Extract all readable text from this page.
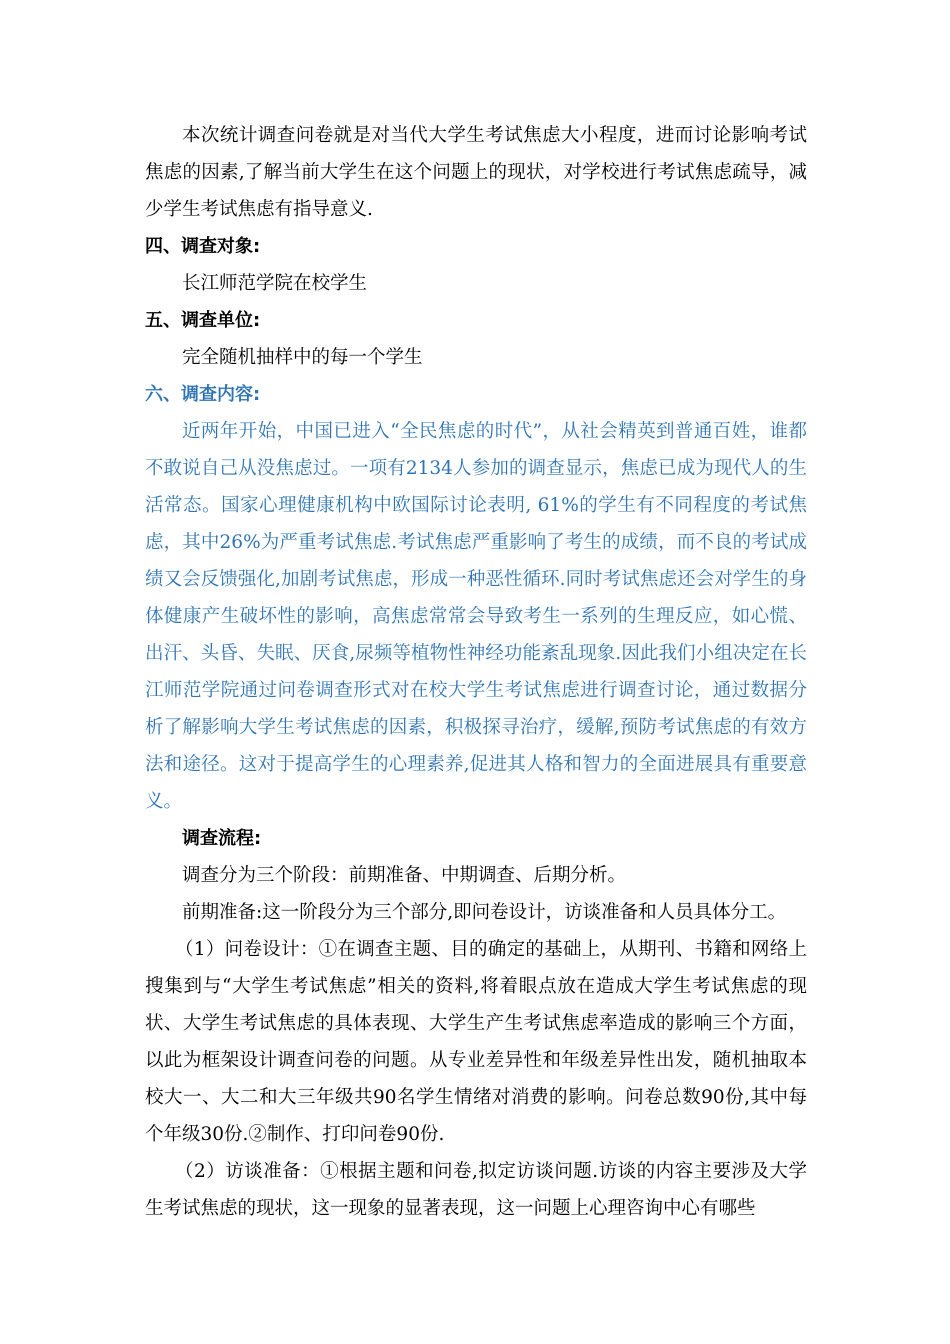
本次统计调查问卷就是对当代大学生考试焦虑大小程度，进而讨论影响考试焦虑的因素,了解当前大学生在这个问题上的现状，对学校进行考试焦虑疏导，减少学生考试焦虑有指导意义.

四、调查对象:

长江师范学院在校学生

五、调查单位:

完全随机抽样中的每一个学生

六、调查内容:

近两年开始，中国已进入“全民焦虑的时代”，从社会精英到普通百姓，谁都不敢说自己从没焦虑过。一项有2134人参加的调查显示，焦虑已成为现代人的生活常态。国家心理健康机构中欧国际讨论表明, 61%的学生有不同程度的考试焦虑，其中26%为严重考试焦虑.考试焦虑严重影响了考生的成绩，而不良的考试成绩又会反馈强化,加剧考试焦虑，形成一种恶性循环.同时考试焦虑还会对学生的身体健康产生破坏性的影响，高焦虑常常会导致考生一系列的生理反应，如心慌、出汗、头昏、失眠、厌食,尿频等植物性神经功能紊乱现象.因此我们小组决定在长江师范学院通过问卷调查形式对在校大学生考试焦虑进行调查讨论，通过数据分析了解影响大学生考试焦虑的因素，积极探寻治疗，缓解,预防考试焦虑的有效方法和途径。这对于提高学生的心理素养,促进其人格和智力的全面进展具有重要意义。

调查流程:

调查分为三个阶段：前期准备、中期调查、后期分析。

前期准备:这一阶段分为三个部分,即问卷设计，访谈准备和人员具体分工。

（1）问卷设计：①在调查主题、目的确定的基础上，从期刊、书籍和网络上搜集到与“大学生考试焦虑”相关的资料,将着眼点放在造成大学生考试焦虑的现状、大学生考试焦虑的具体表现、大学生产生考试焦虑率造成的影响三个方面，以此为框架设计调查问卷的问题。从专业差异性和年级差异性出发，随机抽取本校大一、大二和大三年级共90名学生情绪对消费的影响。问卷总数90份,其中每个年级30份.②制作、打印问卷90份.

（2）访谈准备：①根据主题和问卷,拟定访谈问题.访谈的内容主要涉及大学生考试焦虑的现状，这一现象的显著表现，这一问题上心理咨询中心有哪些
